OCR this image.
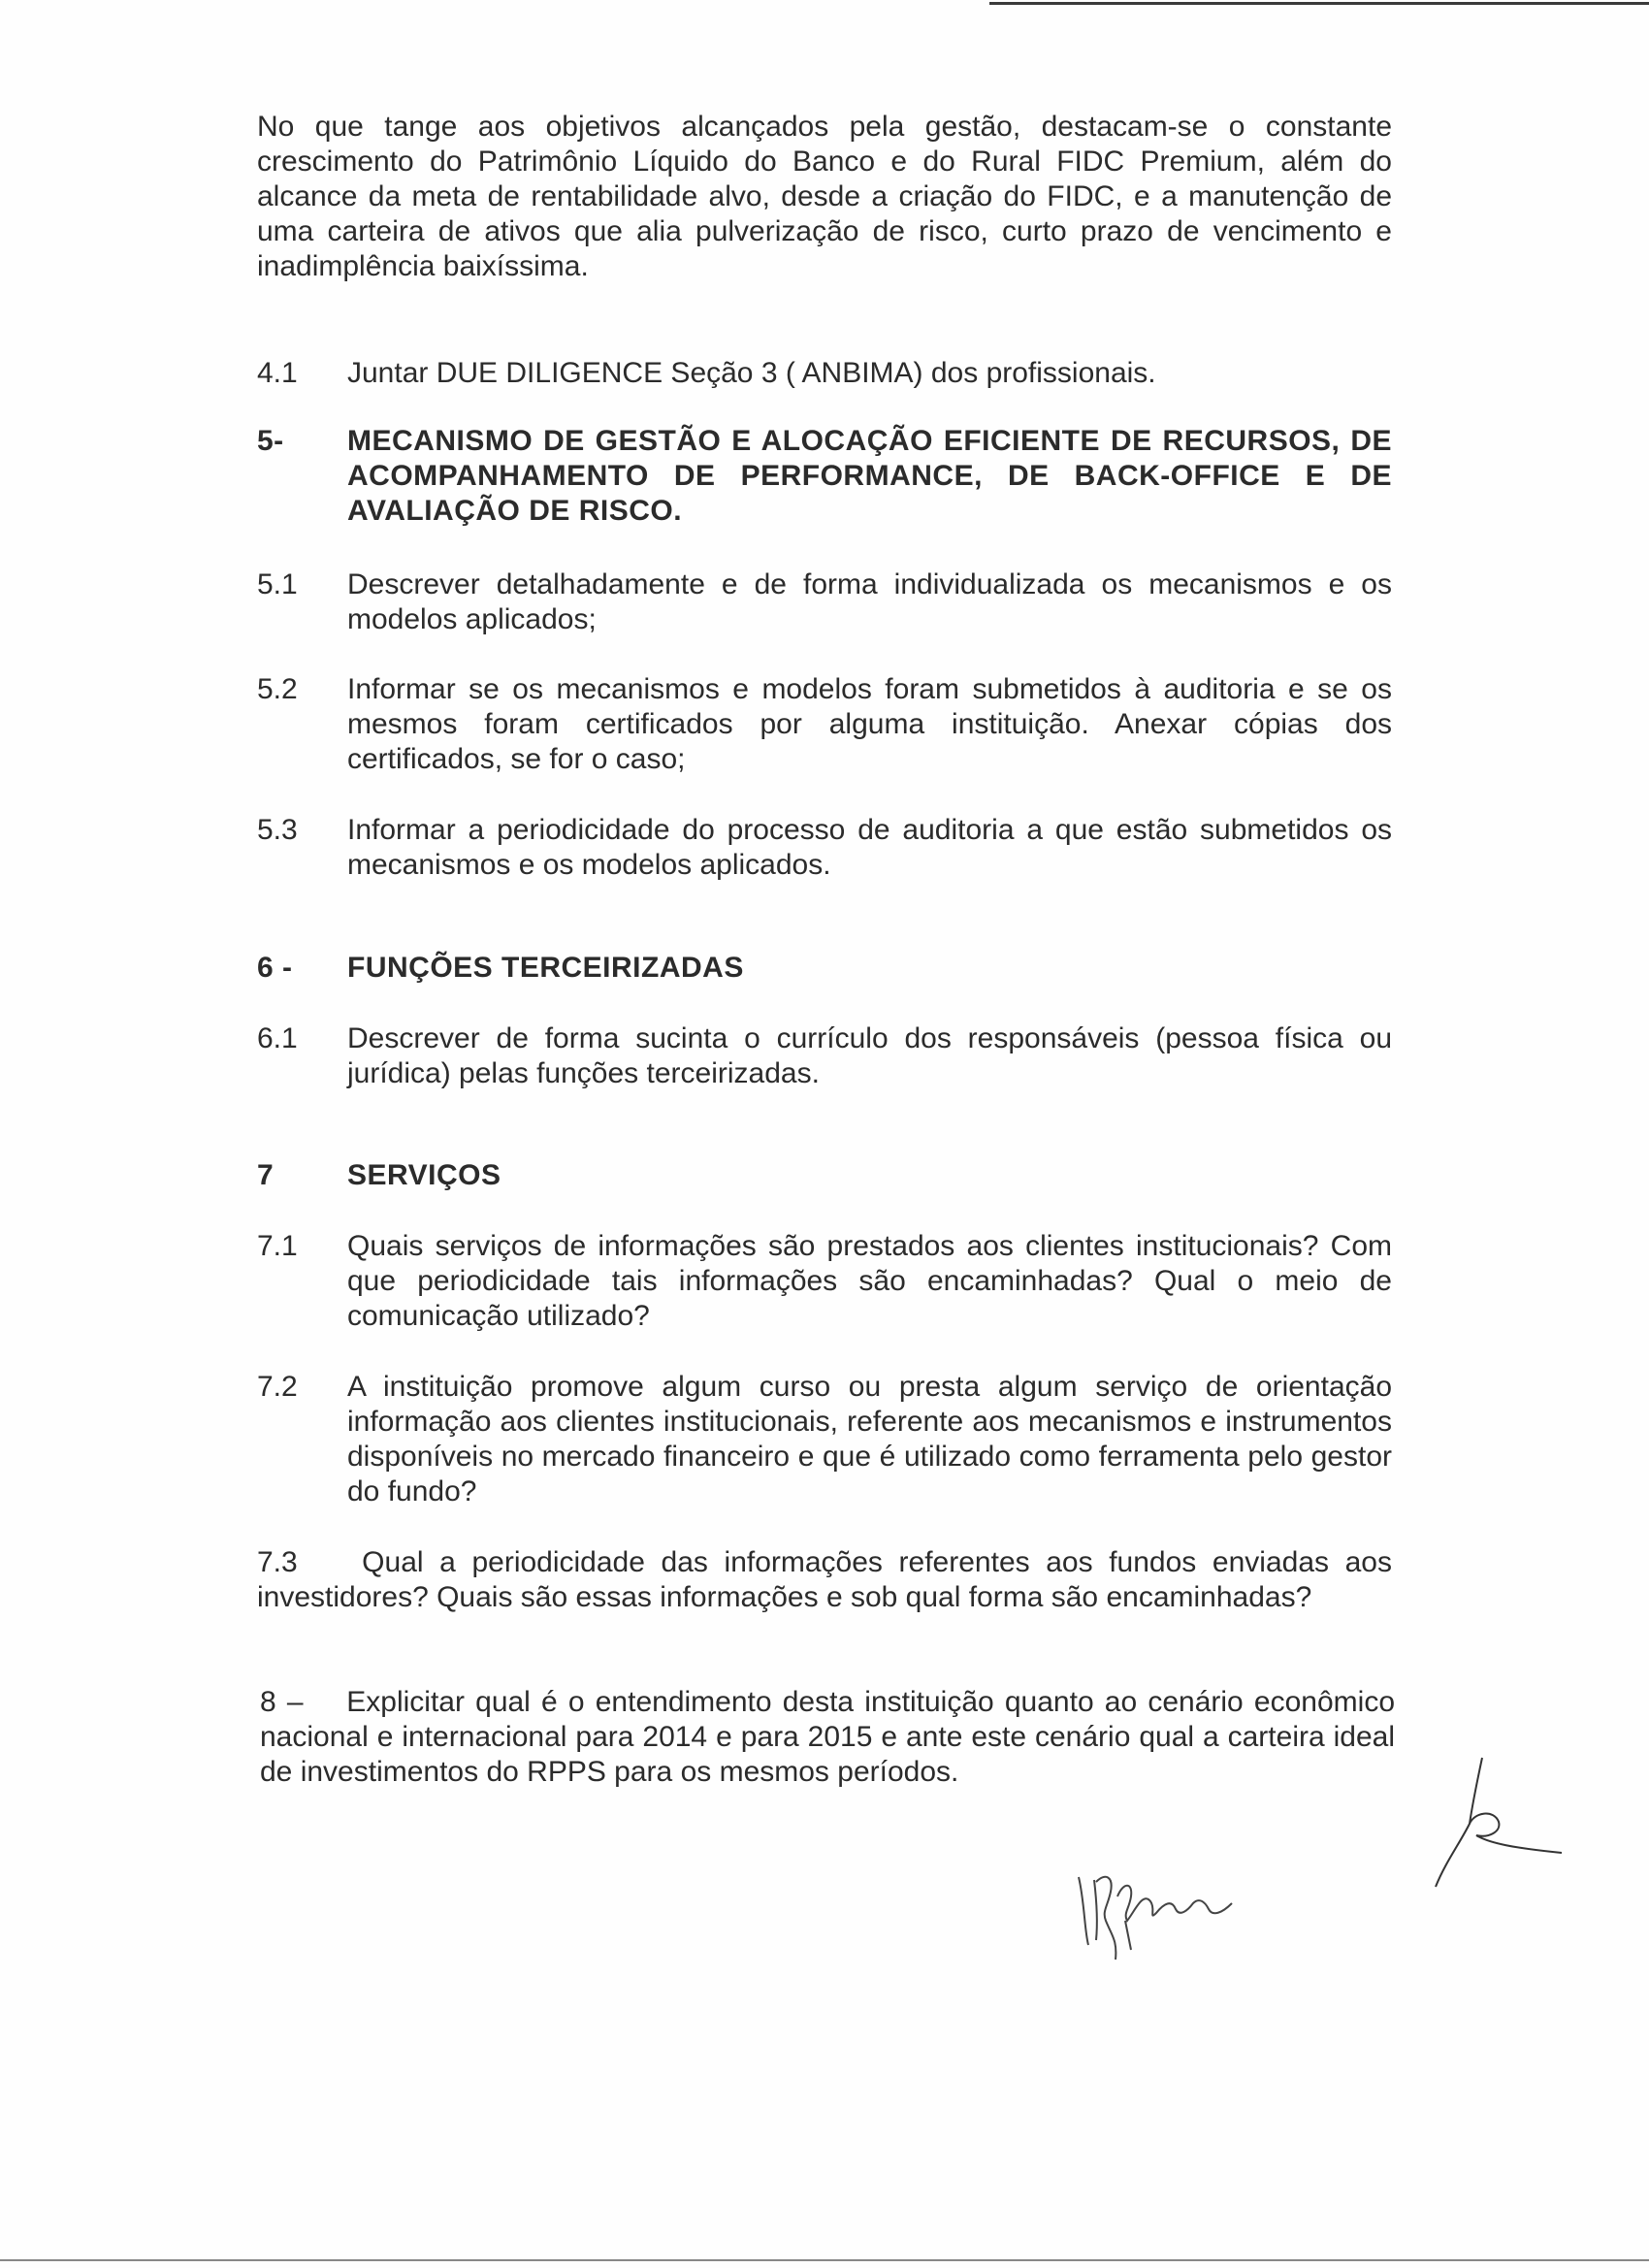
No que tange aos objetivos alcançados pela gestão, destacam-se o constante crescimento do Patrimônio Líquido do Banco e do Rural FIDC Premium, além do alcance da meta de rentabilidade alvo, desde a criação do FIDC, e a manutenção de uma carteira de ativos que alia pulverização de risco, curto prazo de vencimento e inadimplência baixíssima.
4.1	Juntar DUE DILIGENCE Seção 3 ( ANBIMA) dos profissionais.
5-	MECANISMO DE GESTÃO E ALOCAÇÃO EFICIENTE DE RECURSOS, DE ACOMPANHAMENTO DE PERFORMANCE, DE BACK-OFFICE E DE AVALIAÇÃO DE RISCO.
5.1	Descrever detalhadamente e de forma individualizada os mecanismos e os modelos aplicados;
5.2	Informar se os mecanismos e modelos foram submetidos à auditoria e se os mesmos foram certificados por alguma instituição. Anexar cópias dos certificados, se for o caso;
5.3	Informar a periodicidade do processo de auditoria a que estão submetidos os mecanismos e os modelos aplicados.
6 -	FUNÇÕES TERCEIRIZADAS
6.1	Descrever de forma sucinta o currículo dos responsáveis (pessoa física ou jurídica) pelas funções terceirizadas.
7	SERVIÇOS
7.1	Quais serviços de informações são prestados aos clientes institucionais? Com que periodicidade tais informações são encaminhadas? Qual o meio de comunicação utilizado?
7.2	A instituição promove algum curso ou presta algum serviço de orientação informação aos clientes institucionais, referente aos mecanismos e instrumentos disponíveis no mercado financeiro e que é utilizado como ferramenta pelo gestor do fundo?
7.3    Qual a periodicidade das informações referentes aos fundos enviadas aos investidores? Quais são essas informações e sob qual forma são encaminhadas?
8 –    Explicitar qual é o entendimento desta instituição quanto ao cenário econômico nacional e internacional para 2014 e para 2015 e ante este cenário qual a carteira ideal de investimentos do RPPS para os mesmos períodos.
